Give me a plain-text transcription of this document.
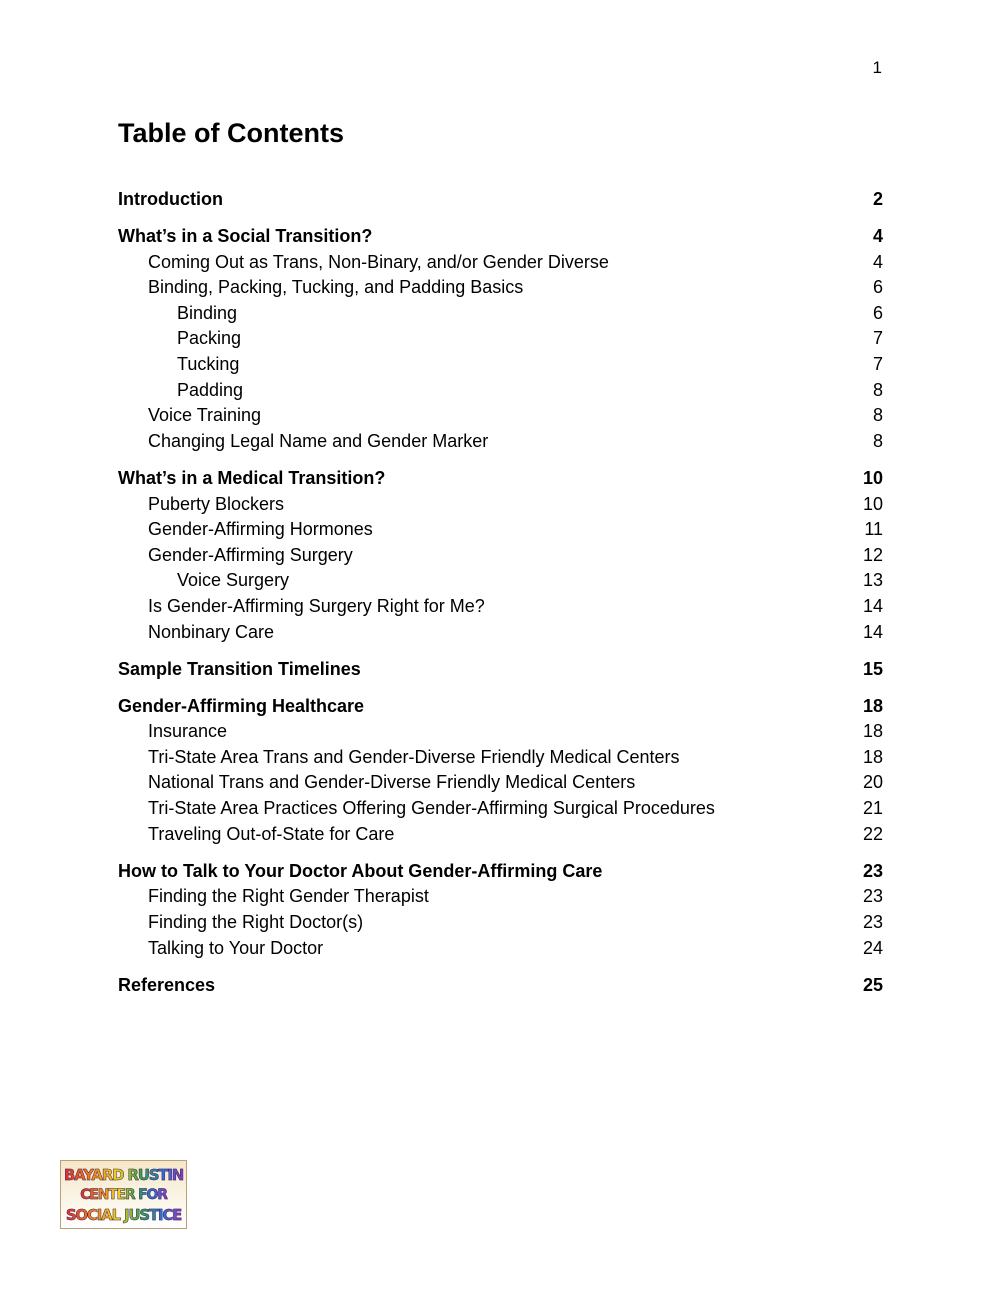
1
Table of Contents
Introduction	2
What’s in a Social Transition?	4
Coming Out as Trans, Non-Binary, and/or Gender Diverse	4
Binding, Packing, Tucking, and Padding Basics	6
Binding	6
Packing	7
Tucking	7
Padding	8
Voice Training	8
Changing Legal Name and Gender Marker	8
What’s in a Medical Transition?	10
Puberty Blockers	10
Gender-Affirming Hormones	11
Gender-Affirming Surgery	12
Voice Surgery	13
Is Gender-Affirming Surgery Right for Me?	14
Nonbinary Care	14
Sample Transition Timelines	15
Gender-Affirming Healthcare	18
Insurance	18
Tri-State Area Trans and Gender-Diverse Friendly Medical Centers	18
National Trans and Gender-Diverse Friendly Medical Centers	20
Tri-State Area Practices Offering Gender-Affirming Surgical Procedures	21
Traveling Out-of-State for Care	22
How to Talk to Your Doctor About Gender-Affirming Care	23
Finding the Right Gender Therapist	23
Finding the Right Doctor(s)	23
Talking to Your Doctor	24
References	25
BAYARD RUSTIN
CENTER FOR
SOCIAL JUSTICE
